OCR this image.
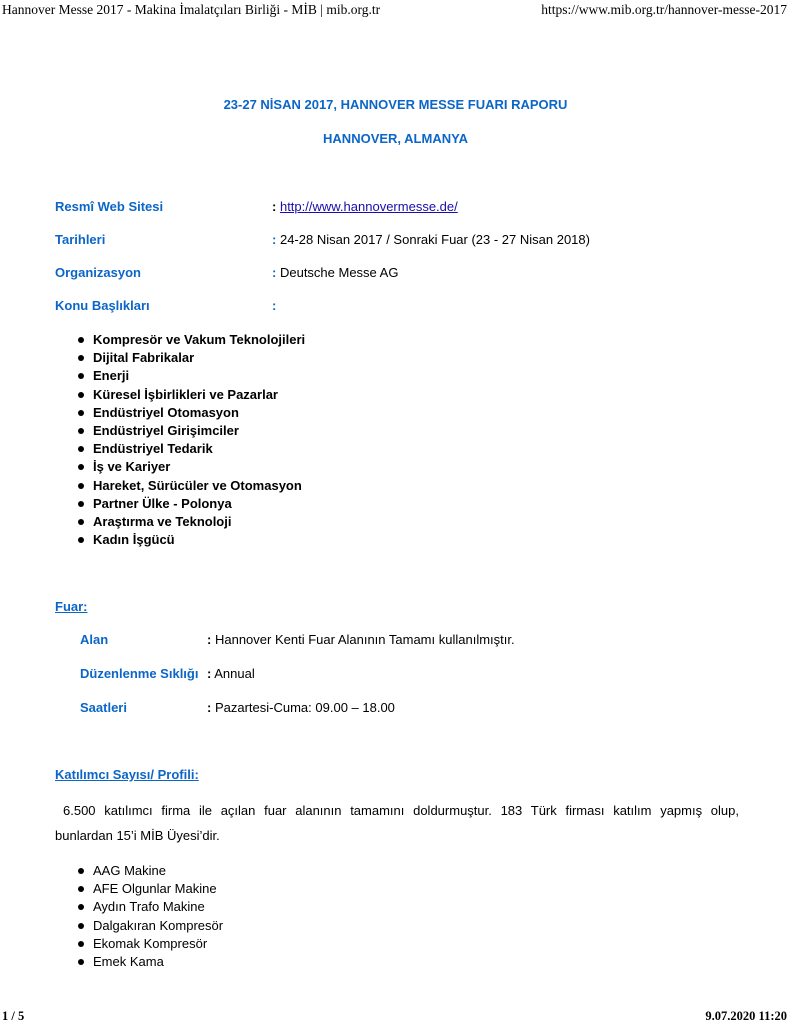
Hannover Messe 2017 - Makina İmalatçıları Birliği - MİB | mib.org.tr	https://www.mib.org.tr/hannover-messe-2017
23-27 NİSAN 2017, HANNOVER MESSE FUARI RAPORU
HANNOVER, ALMANYA
Resmî Web Sitesi	: http://www.hannovermesse.de/
Tarihleri	: 24-28 Nisan 2017 / Sonraki Fuar (23 - 27 Nisan 2018)
Organizasyon	: Deutsche Messe AG
Konu Başlıkları	:
Kompresör ve Vakum Teknolojileri
Dijital Fabrikalar
Enerji
Küresel İşbirlikleri ve Pazarlar
Endüstriyel Otomasyon
Endüstriyel Girişimciler
Endüstriyel Tedarik
İş ve Kariyer
Hareket, Sürücüler ve Otomasyon
Partner Ülke - Polonya
Araştırma ve Teknoloji
Kadın İşgücü
Fuar:
Alan	: Hannover Kenti Fuar Alanının Tamamı kullanılmıştır.
Düzenlenme Sıklığı : Annual
Saatleri	: Pazartesi-Cuma: 09.00 – 18.00
Katılımcı Sayısı/ Profili:
6.500 katılımcı firma ile açılan fuar alanının tamamını doldurmuştur. 183 Türk firması katılım yapmış olup,
bunlardan 15’i MİB Üyesi’dir.
AAG Makine
AFE Olgunlar Makine
Aydın Trafo Makine
Dalgakıran Kompresör
Ekomak Kompresör
Emek Kama
1 / 5	9.07.2020 11:20
